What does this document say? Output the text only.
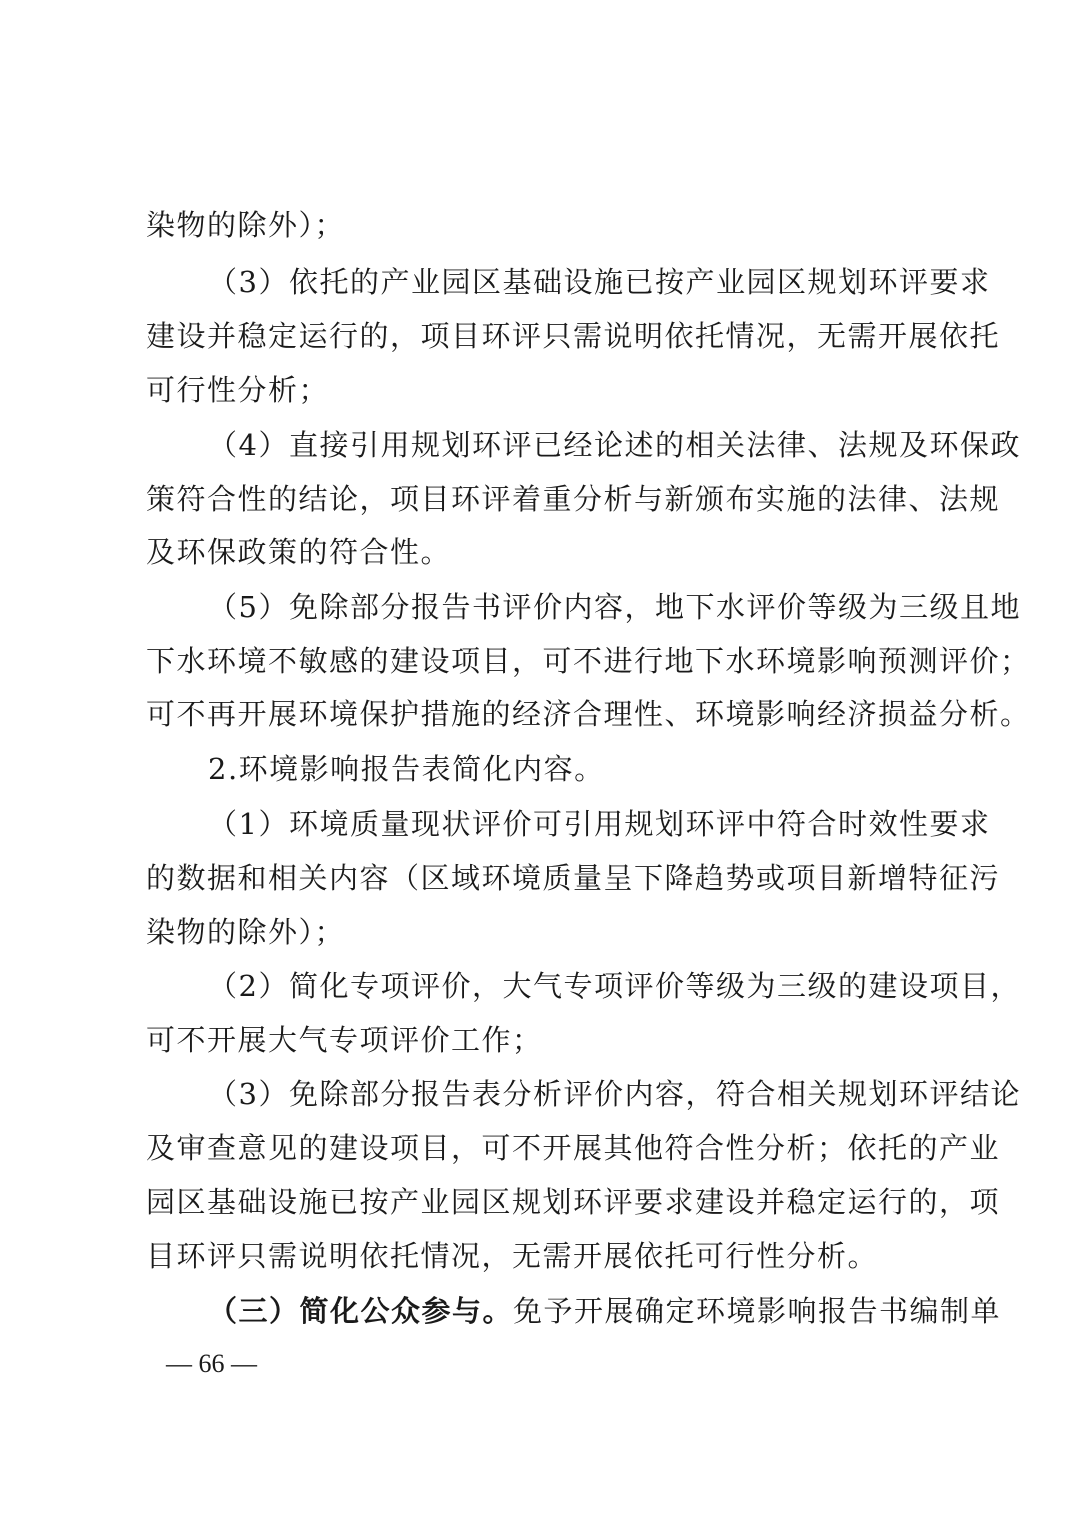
染物的除外）；
（3）依托的产业园区基础设施已按产业园区规划环评要求
建设并稳定运行的，项目环评只需说明依托情况，无需开展依托
可行性分析；
（4）直接引用规划环评已经论述的相关法律、法规及环保政
策符合性的结论，项目环评着重分析与新颁布实施的法律、法规
及环保政策的符合性。
（5）免除部分报告书评价内容，地下水评价等级为三级且地
下水环境不敏感的建设项目，可不进行地下水环境影响预测评价；
可不再开展环境保护措施的经济合理性、环境影响经济损益分析。
2.环境影响报告表简化内容。
（1）环境质量现状评价可引用规划环评中符合时效性要求
的数据和相关内容（区域环境质量呈下降趋势或项目新增特征污
染物的除外）；
（2）简化专项评价，大气专项评价等级为三级的建设项目，
可不开展大气专项评价工作；
（3）免除部分报告表分析评价内容，符合相关规划环评结论
及审查意见的建设项目，可不开展其他符合性分析；依托的产业
园区基础设施已按产业园区规划环评要求建设并稳定运行的，项
目环评只需说明依托情况，无需开展依托可行性分析。
（三）简化公众参与。免予开展确定环境影响报告书编制单
— 66 —
